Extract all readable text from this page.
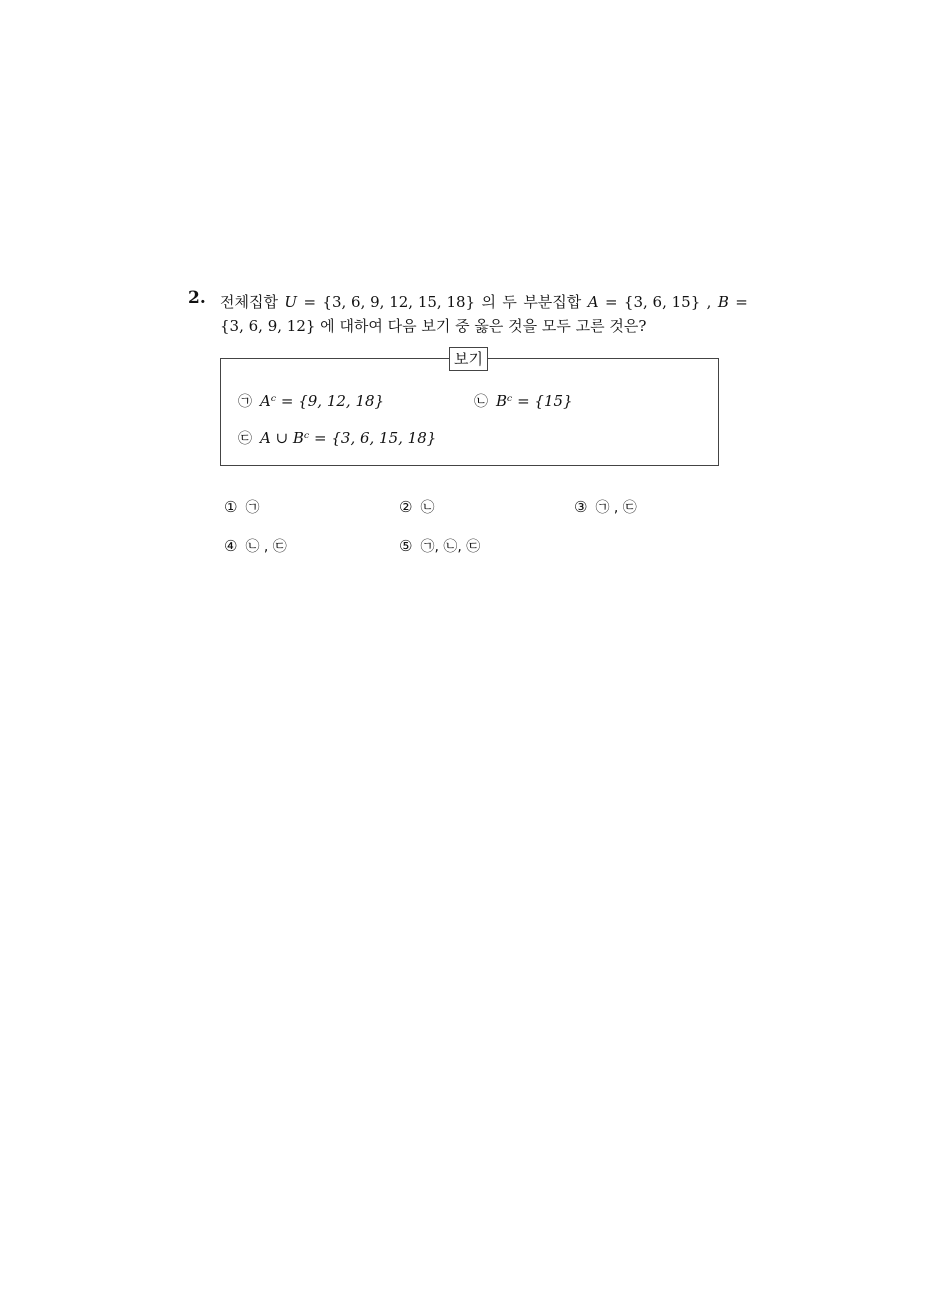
2. 전체집합 U = {3, 6, 9, 12, 15, 18} 의 두 부분집합 A = {3, 6, 15} , B =
{3, 6, 9, 12} 에 대하여 다음 보기 중 옳은 것을 모두 고른 것은?
보기
㉠ Aᶜ = {9, 12, 18}	㉡ Bᶜ = {15}
㉢ A ∪ Bᶜ = {3, 6, 15, 18}
① ㉠	② ㉡	③ ㉠ , ㉢
④ ㉡ , ㉢	⑤ ㉠, ㉡, ㉢
